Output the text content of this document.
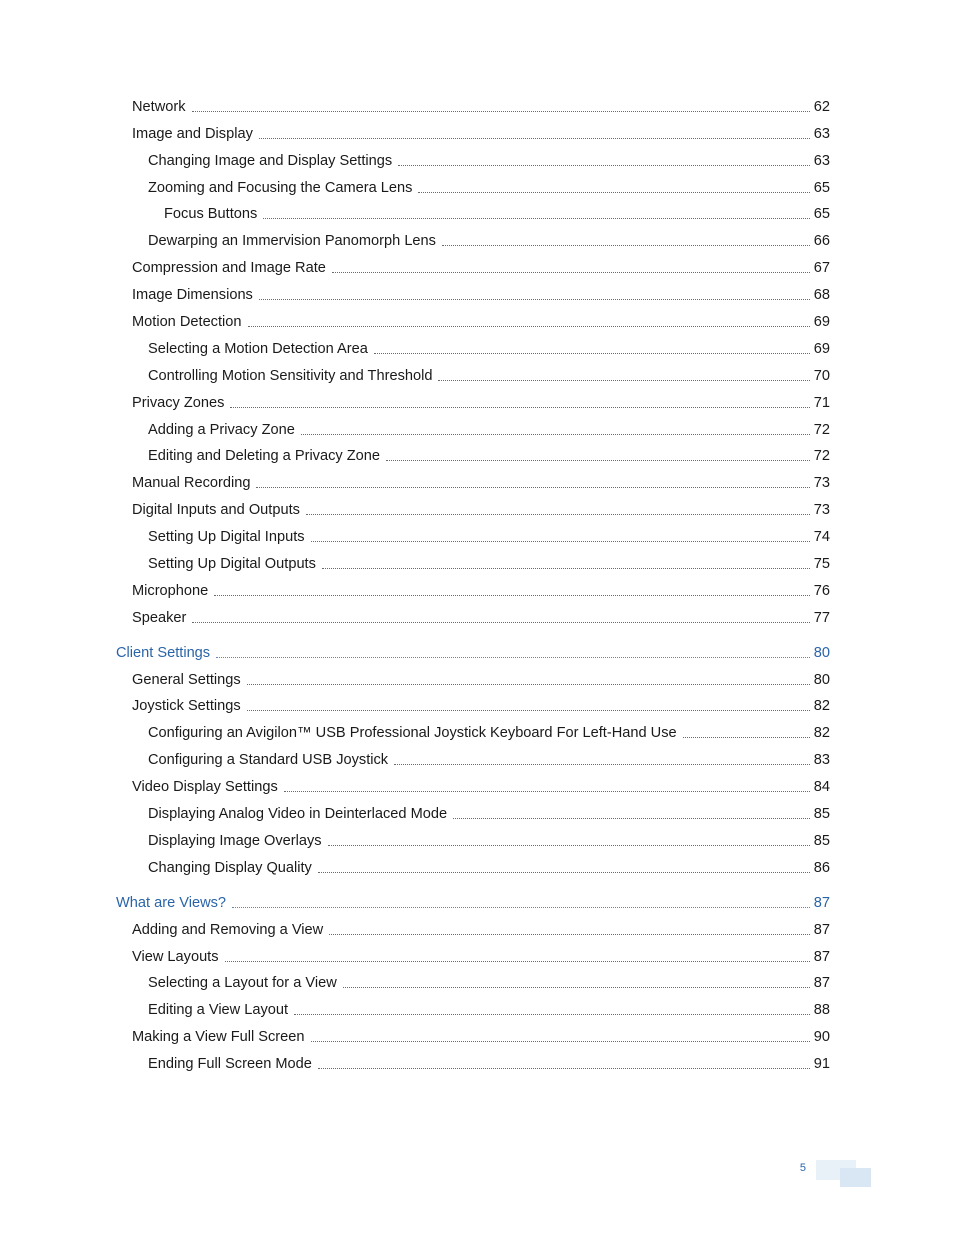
Network	62
Image and Display	63
Changing Image and Display Settings	63
Zooming and Focusing the Camera Lens	65
Focus Buttons	65
Dewarping an Immervision Panomorph Lens	66
Compression and Image Rate	67
Image Dimensions	68
Motion Detection	69
Selecting a Motion Detection Area	69
Controlling Motion Sensitivity and Threshold	70
Privacy Zones	71
Adding a Privacy Zone	72
Editing and Deleting a Privacy Zone	72
Manual Recording	73
Digital Inputs and Outputs	73
Setting Up Digital Inputs	74
Setting Up Digital Outputs	75
Microphone	76
Speaker	77
Client Settings	80
General Settings	80
Joystick Settings	82
Configuring an Avigilon™ USB Professional Joystick Keyboard For Left-Hand Use	82
Configuring a Standard USB Joystick	83
Video Display Settings	84
Displaying Analog Video in Deinterlaced Mode	85
Displaying Image Overlays	85
Changing Display Quality	86
What are Views?	87
Adding and Removing a View	87
View Layouts	87
Selecting a Layout for a View	87
Editing a View Layout	88
Making a View Full Screen	90
Ending Full Screen Mode	91
5
